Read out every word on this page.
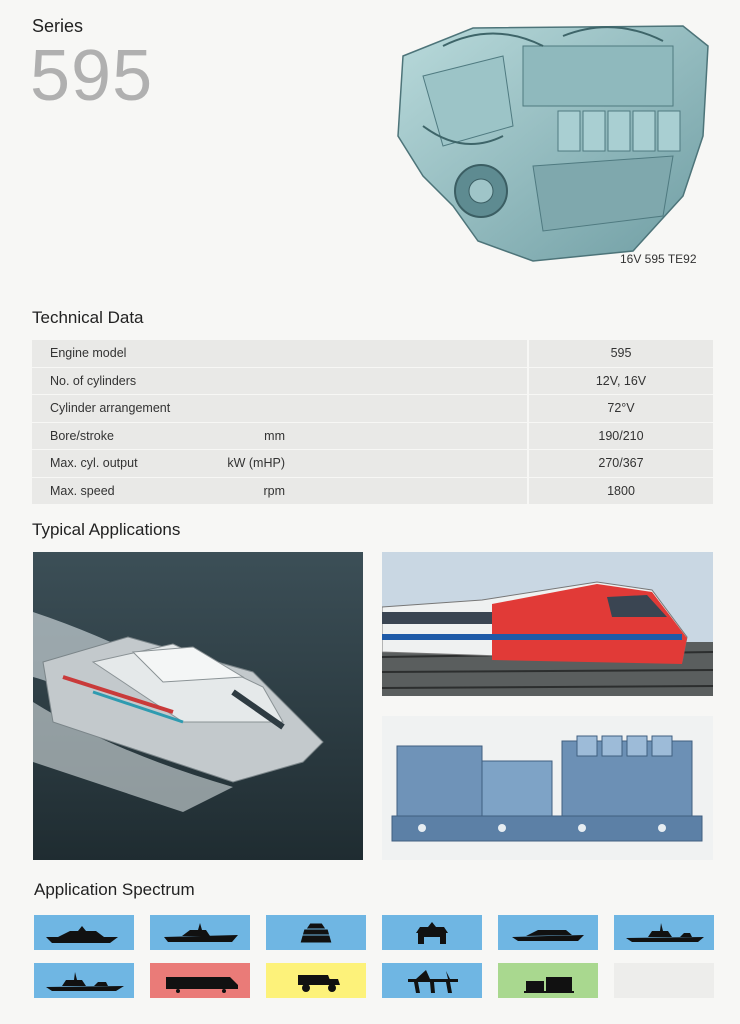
Series
595
16V 595 TE92
Technical Data
Engine model		595
No. of cylinders		12V, 16V
Cylinder arrangement		72°V
Bore/stroke	mm	190/210
Max. cyl. output	kW (mHP)	270/367
Max. speed	rpm	1800
Typical Applications
Application Spectrum
